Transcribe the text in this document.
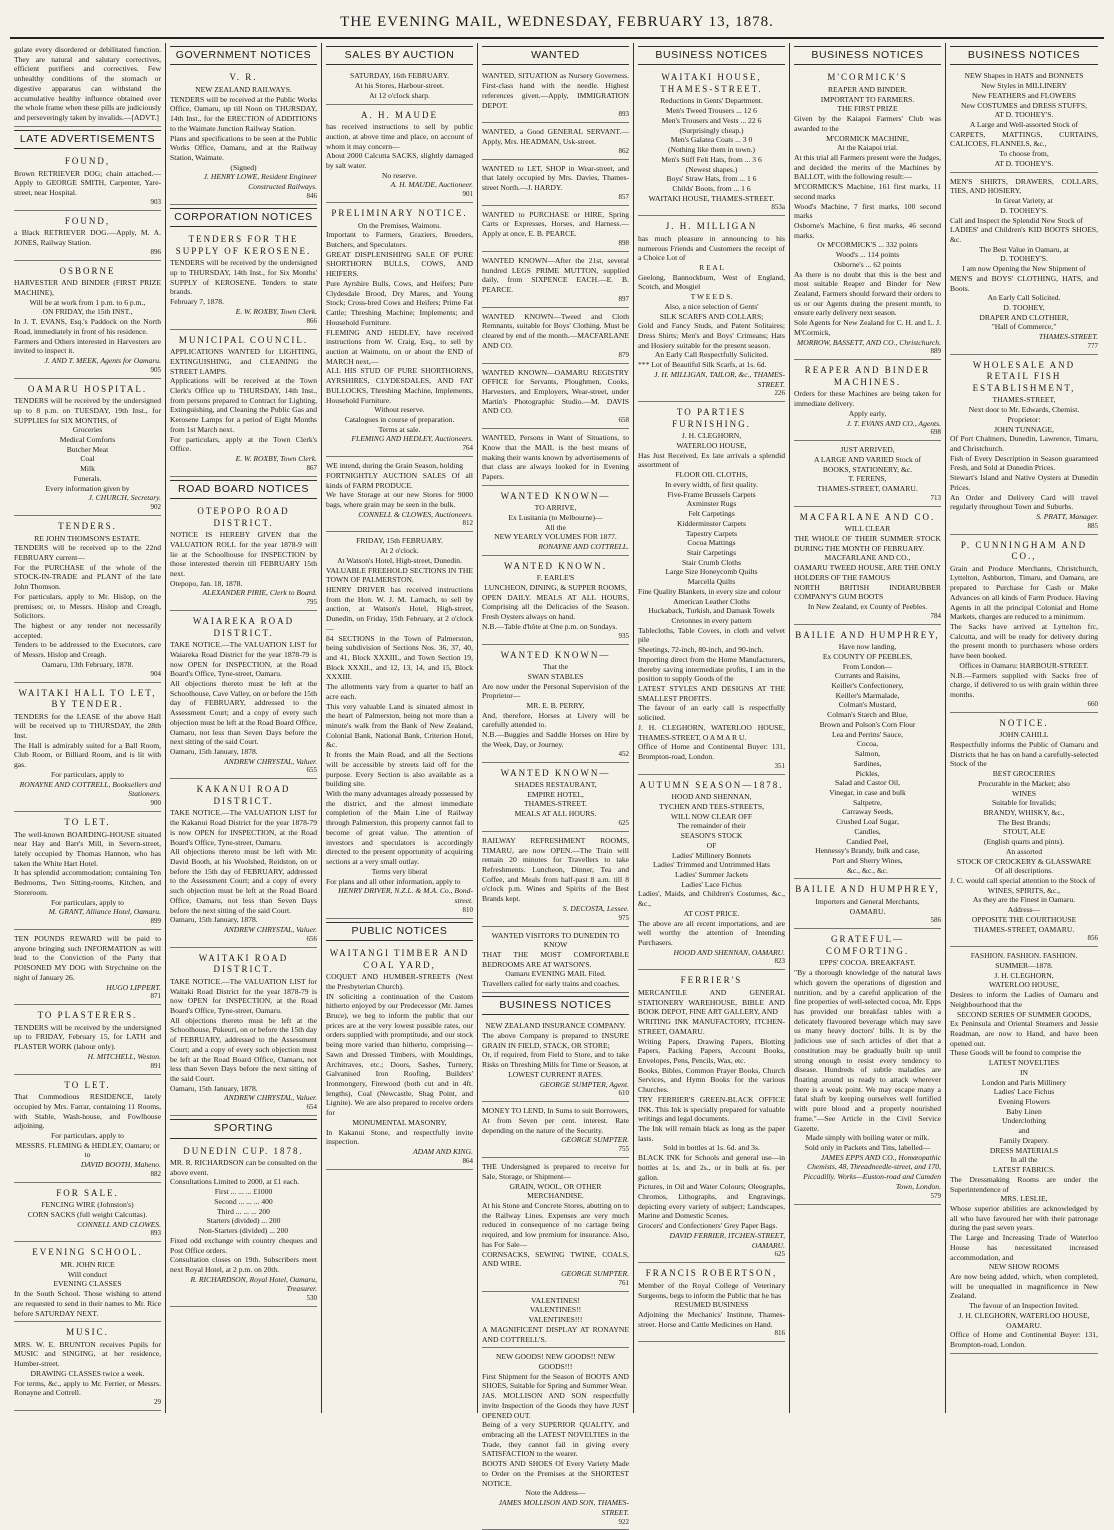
THE EVENING MAIL, WEDNESDAY, FEBRUARY 13, 1878.
gulate every disordered or debilitated function. They are natural and salutary correctives, efficient purifiers and correctives. Few unhealthy conditions of the stomach or digestive apparatus can withstand the accumulative healthy influence obtained over the whole frame when these pills are judiciously and perseveringly taken by invalids.—[ADVT.]
LATE ADVERTISEMENTS
FOUND,
Brown RETRIEVER DOG; chain attached.—Apply to GEORGE SMITH, Carpenter, Yare-street, near Hospital.
903
FOUND,
a Black RETRIEVER DOG.—Apply, M. A. JONES, Railway Station.
896
OSBORNE
HARVESTER AND BINDER (FIRST PRIZE MACHINE),
Will be at work from 1 p.m. to 6 p.m.,
ON FRIDAY, the 15th INST.,
In J. T. EVANS, Esq.'s Paddock on the North Road, immediately in front of his residence.
Farmers and Others interested in Harvesters are invited to inspect it.
J. AND T. MEEK, Agents for Oamaru.
905
OAMARU HOSPITAL.
TENDERS will be received by the undersigned up to 8 p.m. on TUESDAY, 19th Inst., for SUPPLIES for SIX MONTHS, of
Groceries
Medical Comforts
Butcher Meat
Coal
Milk
Funerals.
Every information given by
J. CHURCH, Secretary.
902
TENDERS.
RE JOHN THOMSON'S ESTATE.
TENDERS will be received up to the 22nd FEBRUARY current—
For the PURCHASE of the whole of the STOCK-IN-TRADE and PLANT of the late John Thomson.
For particulars, apply to Mr. Hislop, on the premises; or, to Messrs. Hislop and Creagh, Solicitors.
The highest or any tender not necessarily accepted.
Tenders to be addressed to the Executors, care of Messrs. Hislop and Creagh.
Oamaru, 13th February, 1878.
904
WAITAKI HALL TO LET, BY TENDER.
TENDERS for the LEASE of the above Hall will be received up to THURSDAY, the 28th Inst.
The Hall is admirably suited for a Ball Room, Club Room, or Billiard Room, and is lit with gas.
For particulars, apply to
RONAYNE AND COTTRELL, Booksellers and Stationers.
900
TO LET.
The well-known BOARDING-HOUSE situated near Hay and Barr's Mill, in Severn-street, lately occupied by Thomas Hannon, who has taken the White Hart Hotel.
It has splendid accommodation; containing Ten Bedrooms, Two Sitting-rooms, Kitchen, and Storeroom.
For particulars, apply to
M. GRANT, Alliance Hotel, Oamaru.
899
TEN POUNDS REWARD will be paid to anyone bringing such INFORMATION as will lead to the Conviction of the Party that POISONED MY DOG with Strychnine on the night of January 26.
HUGO LIPPERT.
871
TO PLASTERERS.
TENDERS will be received by the undersigned up to FRIDAY, February 15, for LATH and PLASTER WORK (labour only).
H. MITCHELL, Weston.
891
TO LET.
That Commodious RESIDENCE, lately occupied by Mrs. Farrar, containing 11 Rooms, with Stable, Wash-house, and Fowlhouse adjoining.
For particulars, apply to
MESSRS. FLEMING & HEDLEY, Oamaru; or to
DAVID BOOTH, Maheno.
882
FOR SALE.
FENCING WIRE (Johnston's)
CORN SACKS (full weight Calcuttas).
CONNELL AND CLOWES.
893
EVENING SCHOOL.
MR. JOHN RICE
Will conduct
EVENING CLASSES
In the South School. Those wishing to attend are requested to send in their names to Mr. Rice before SATURDAY NEXT.
MUSIC.
MRS. W. E. BRUNTON receives Pupils for MUSIC and SINGING, at her residence, Humber-street.
DRAWING CLASSES twice a week.
For terms, &c., apply to Mr. Ferrier, or Messrs. Ronayne and Cottrell.
29
GOVERNMENT NOTICES
V. R.
NEW ZEALAND RAILWAYS.
TENDERS will be received at the Public Works Office, Oamaru, up till Noon on THURSDAY, 14th Inst., for the ERECTION of ADDITIONS to the Waimate Junction Railway Station.
Plans and specifications to be seen at the Public Works Office, Oamaru, and at the Railway Station, Waimate.
(Signed)
J. HENRY LOWE, Resident Engineer Constructed Railways.
846
CORPORATION NOTICES
TENDERS FOR THE SUPPLY OF KEROSENE.
TENDERS will be received by the undersigned up to THURSDAY, 14th Inst., for Six Months' SUPPLY of KEROSENE. Tenders to state brands.
February 7, 1878.
E. W. ROXBY, Town Clerk.
866
MUNICIPAL COUNCIL.
APPLICATIONS WANTED for LIGHTING, EXTINGUISHING, and CLEANING the STREET LAMPS.
Applications will be received at the Town Clerk's Office up to THURSDAY, 14th Inst., from persons prepared to Contract for Lighting, Extinguishing, and Cleaning the Public Gas and Kerosene Lamps for a period of Eight Months from 1st March next.
For particulars, apply at the Town Clerk's Office.
E. W. ROXBY, Town Clerk.
867
ROAD BOARD NOTICES
OTEPOPO ROAD DISTRICT.
NOTICE IS HEREBY GIVEN that the VALUATION ROLL for the year 1878-9 will lie at the Schoolhouse for INSPECTION by those interested therein till FEBRUARY 15th next.
Otepopo, Jan. 18, 1878.
ALEXANDER PIRIE, Clerk to Board.
795
WAIAREKA ROAD DISTRICT.
TAKE NOTICE.—The VALUATION LIST for Waiareka Road District for the year 1878-79 is now OPEN for INSPECTION, at the Road Board's Office, Tyne-street, Oamaru.
All objections thereto must be left at the Schoolhouse, Cave Valley, on or before the 15th day of FEBRUARY, addressed to the Assessment Court; and a copy of every such objection must be left at the Road Board Office, Oamaru, not less than Seven Days before the next sitting of the said Court.
Oamaru, 15th January, 1878.
ANDREW CHRYSTAL, Valuer.
655
KAKANUI ROAD DISTRICT.
TAKE NOTICE.—The VALUATION LIST for the Kakanui Road District for the year 1878-79 is now OPEN for INSPECTION, at the Road Board's Office, Tyne-street, Oamaru.
All objections thereto must be left with Mr. David Booth, at his Woolshed, Reidston, on or before the 15th day of FEBRUARY, addressed to the Assessment Court; and a copy of every such objection must be left at the Road Board Office, Oamaru, not less than Seven Days before the next sitting of the said Court.
Oamaru, 15th January, 1878.
ANDREW CHRYSTAL, Valuer.
656
WAITAKI ROAD DISTRICT.
TAKE NOTICE.—The VALUATION LIST for Waitaki Road District for the year 1878-79 is now OPEN for INSPECTION, at the Road Board's Office, Tyne-street, Oamaru.
All objections thereto must be left at the Schoolhouse, Pukeuri, on or before the 15th day of FEBRUARY, addressed to the Assessment Court; and a copy of every such objection must be left at the Road Board Office, Oamaru, not less than Seven Days before the next sitting of the said Court.
Oamaru, 15th January, 1878.
ANDREW CHRYSTAL, Valuer.
654
SPORTING
DUNEDIN CUP. 1878.
MR. R. RICHARDSON can be consulted on the above event.
Consultations Limited to 2000, at £1 each.
First ... ... ... £1000
Second ... ... ... 400
Third ... ... ... 200
Starters (divided) ... 200
Non-Starters (divided) ... 200
Fixed odd exchange with country cheques and Post Office orders.
Consultation closes on 19th. Subscribers meet next Royal Hotel, at 2 p.m. on 20th.
R. RICHARDSON, Royal Hotel, Oamaru, Treasurer.
530
SALES BY AUCTION
SATURDAY, 16th FEBRUARY.
At his Stores, Harbour-street.
At 12 o'clock sharp.
A. H. MAUDE
has received instructions to sell by public auction, at above time and place, on account of whom it may concern—
About 2000 Calcutta SACKS, slightly damaged by salt water.
No reserve.
A. H. MAUDE, Auctioneer.
901
PRELIMINARY NOTICE.
On the Premises, Waimotu.
Important to Farmers, Graziers, Breeders, Butchers, and Speculators.
GREAT DISPLENISHING SALE OF PURE SHORTHORN BULLS, COWS, AND HEIFERS.
Pure Ayrshire Bulls, Cows, and Heifers; Pure Clydesdale Brood, Dry Mares, and Young Stock; Cross-bred Cows and Heifers; Prime Fat Cattle; Threshing Machine; Implements; and Household Furniture.
FLEMING AND HEDLEY, have received instructions from W. Craig, Esq., to sell by auction at Waimotu, on or about the END of MARCH next,—
ALL HIS STUD OF PURE SHORTHORNS, AYRSHIRES, CLYDESDALES, AND FAT BULLOCKS, Threshing Machine, Implements, Household Furniture.
Without reserve.
Catalogues in course of preparation.
Terms at sale.
FLEMING AND HEDLEY, Auctioneers.
764
WE intend, during the Grain Season, holding
FORTNIGHTLY AUCTION SALES Of all kinds of FARM PRODUCE.
We have Storage at our new Stores for 9000 bags, where grain may be seen in the bulk.
CONNELL & CLOWES, Auctioneers.
812
FRIDAY, 15th FEBRUARY.
At 2 o'clock.
At Watson's Hotel, High-street, Dunedin.
VALUABLE FREEHOLD SECTIONS IN THE TOWN OF PALMERSTON.
HENRY DRIVER has received instructions from the Hon. W. J. M. Larnach, to sell by auction, at Watson's Hotel, High-street, Dunedin, on Friday, 15th February, at 2 o'clock—
84 SECTIONS in the Town of Palmerston, being subdivision of Sections Nos. 36, 37, 40, and 41, Block XXXIII., and Town Section 19, Block XXXII., and 12, 13, 14, and 15, Block XXXIII.
The allotments vary from a quarter to half an acre each.
This very valuable Land is situated almost in the heart of Palmerston, being not more than a minute's walk from the Bank of New Zealand, Colonial Bank, National Bank, Criterion Hotel, &c.
It fronts the Main Road, and all the Sections will be accessible by streets laid off for the purpose. Every Section is also available as a building site.
With the many advantages already possessed by the district, and the almost immediate completion of the Main Line of Railway through Palmerston, this property cannot fail to become of great value. The attention of investors and speculators is accordingly directed to the present opportunity of acquiring sections at a very small outlay.
Terms very liberal
For plans and all other information, apply to
HENRY DRIVER, N.Z.L. & M.A. Co., Bond-street.
810
PUBLIC NOTICES
WAITANGI TIMBER AND COAL YARD,
COQUET AND HUMBER-STREETS (Next the Presbyterian Church).
IN soliciting a continuation of the Custom hitherto enjoyed by our Predecessor (Mr. James Bruce), we beg to inform the public that our prices are at the very lowest possible rates, our orders supplied with promptitude, and our stock being more varied than hitherto, comprising—Sawn and Dressed Timbers, with Mouldings, Architraves, etc.; Doors, Sashes, Turnery, Galvanised Iron Roofing, Builders' Ironmongery, Firewood (both cut and in 4ft. lengths), Coal (Newcastle, Shag Point, and Lignite). We are also prepared to receive orders for
MONUMENTAL MASONRY,
In Kakanui Stone, and respectfully invite inspection.
ADAM AND KING.
864
WANTED
WANTED, SITUATION as Nursery Governess. First-class hand with the needle. Highest references given.—Apply, IMMIGRATION DEPOT.
893
WANTED, a Good GENERAL SERVANT.—Apply, Mrs. HEADMAN, Usk-street.
862
WANTED to LET, SHOP in Wear-street, and that lately occupied by Mrs. Davies, Thames-street North.—J. HARDY.
857
WANTED to PURCHASE or HIRE, Spring Carts or Expresses, Horses, and Harness.—Apply at once, E. B. PEARCE.
898
WANTED KNOWN—After the 21st, several hundred LEGS PRIME MUTTON, supplied daily, from SIXPENCE EACH.—E. B. PEARCE.
897
WANTED KNOWN—Tweed and Cloth Remnants, suitable for Boys' Clothing. Must be cleared by end of the month.—MACFARLANE AND CO.
879
WANTED KNOWN—OAMARU REGISTRY OFFICE for Servants, Ploughmen, Cooks, Harvesters, and Employers, Wear-street, under Martin's Photographic Studio.—M. DAVIS AND CO.
658
WANTED, Persons in Want of Situations, to Know that the MAIL is the best means of making their wants known by advertisements of that class are always looked for in Evening Papers.
WANTED KNOWN—
TO ARRIVE,
Ex Lusitania (to Melbourne)—
All the
NEW YEARLY VOLUMES FOR 1877.
RONAYNE AND COTTRELL.
WANTED KNOWN.
F. EARLE'S
LUNCHEON, DINING, & SUPPER ROOMS,
OPEN DAILY. MEALS AT ALL HOURS, Comprising all the Delicacies of the Season. Fresh Oysters always on hand.
N.B.—Table d'hôte at One p.m. on Sundays.
935
WANTED KNOWN—
That the
SWAN STABLES
Are now under the Personal Supervision of the Proprietor—
MR. E. B. PERRY,
And, therefore, Horses at Livery will be carefully attended to.
N.B.—Buggies and Saddle Horses on Hire by the Week, Day, or Journey.
452
WANTED KNOWN—
SHADES RESTAURANT,
EMPIRE HOTEL,
THAMES-STREET.
MEALS AT ALL HOURS.
625
RAILWAY REFRESHMENT ROOMS, TIMARU, are now OPEN.—The Train will remain 20 minutes for Travellers to take Refreshments. Luncheon, Dinner, Tea and Coffee, and Meals from half-past 8 a.m. till 8 o'clock p.m. Wines and Spirits of the Best Brands kept.
S. DECOSTA, Lessee.
975
WANTED VISITORS TO DUNEDIN TO KNOW
THAT THE MOST COMFORTABLE BEDROOMS ARE AT WATSON'S.
Oamaru EVENING MAIL Filed.
Travellers called for early trains and coaches.
BUSINESS NOTICES
NEW ZEALAND INSURANCE COMPANY.
The above Company is prepared to INSURE GRAIN IN FIELD, STACK, OR STORE;
Or, if required, from Field to Store, and to take Risks on Threshing Mills for Time or Season, at
LOWEST CURRENT RATES.
GEORGE SUMPTER, Agent.
610
MONEY TO LEND, In Sums to suit Borrowers,
At from Seven per cent. interest. Rate depending on the nature of the Security.
GEORGE SUMPTER.
755
THE Undersigned is prepared to receive for Sale, Storage, or Shipment—
GRAIN, WOOL, OR OTHER MERCHANDISE.
At his Stone and Concrete Stores, abutting on to the Railway Lines. Expenses are very much reduced in consequence of no cartage being required, and low premium for insurance. Also, has For Sale—
CORNSACKS, SEWING TWINE, COALS, AND WIRE.
GEORGE SUMPTER.
761
VALENTINES!
VALENTINES!!
VALENTINES!!!
A MAGNIFICENT DISPLAY AT RONAYNE AND COTTRELL'S.
NEW GOODS! NEW GOODS!! NEW GOODS!!!
First Shipment for the Season of BOOTS AND SHOES, Suitable for Spring and Summer Wear.
JAS. MOLLISON AND SON respectfully invite Inspection of the Goods they have JUST OPENED OUT.
Being of a very SUPERIOR QUALITY, and embracing all the LATEST NOVELTIES in the Trade, they cannot fail in giving every SATISFACTION to the wearer.
BOOTS AND SHOES Of Every Variety Made to Order on the Premises at the SHORTEST NOTICE.
Note the Address—
JAMES MOLLISON AND SON, THAMES-STREET.
922
BUSINESS NOTICES
WAITAKI HOUSE, THAMES-STREET.
Reductions in Gents' Department.
Men's Tweed Trousers ... 12 6
Men's Trousers and Vests ... 22 6
(Surprisingly cheap.)
Men's Galatea Coats ... 3 0
(Nothing like them in town.)
Men's Stiff Felt Hats, from ... 3 6
(Newest shapes.)
Boys' Straw Hats, from ... 1 6
Childs' Boots, from ... 1 6
WAITAKI HOUSE, THAMES-STREET.
853a
J. H. MILLIGAN
has much pleasure in announcing to his numerous Friends and Customers the receipt of a Choice Lot of
R E A L
Geelong, Bannockburn, West of England, Scotch, and Mosgiel
T W E E D S.
Also, a nice selection of Gents'
SILK SCARFS AND COLLARS;
Gold and Fancy Studs, and Patent Solitaires; Dress Shirts; Men's and Boys' Crimeans; Hats and Hosiery suitable for the present season.
An Early Call Respectfully Solicited.
*** Lot of Beautiful Silk Scarfs, at 1s. 6d.
J. H. MILLIGAN, TAILOR, &c., THAMES-STREET.
226
TO PARTIES FURNISHING.
J. H. CLEGHORN,
WATERLOO HOUSE,
Has Just Received, Ex late arrivals a splendid assortment of
FLOOR OIL CLOTHS,
In every width, of first quality.
Five-Frame Brussels Carpets
Axminster Rugs
Felt Carpetings
Kidderminster Carpets
Tapestry Carpets
Cocoa Mattings
Stair Carpetings
Stair Crumb Cloths
Large Size Honeycomb Quilts
Marcella Quilts
Fine Quality Blankets, in every size and colour
American Leather Cloths
Huckaback, Turkish, and Damask Towels
Cretonnes in every pattern
Tablecloths, Table Covers, in cloth and velvet pile
Sheetings, 72-inch, 80-inch, and 90-inch.
Importing direct from the Home Manufacturers, thereby saving intermediate profits, I am in the position to supply Goods of the
LATEST STYLES AND DESIGNS AT THE SMALLEST PROFITS.
The favour of an early call is respectfully solicited.
J. H. CLEGHORN, WATERLOO HOUSE, THAMES-STREET, O A M A R U.
Office of Home and Continental Buyer: 131, Brompton-road, London.
351
AUTUMN SEASON—1878.
HOOD AND SHENNAN,
TYCHEN AND TEES-STREETS,
WILL NOW CLEAR OFF
The remainder of their
SEASON'S STOCK
OF
Ladies' Millinery Bonnets
Ladies' Trimmed and Untrimmed Hats
Ladies' Summer Jackets
Ladies' Lace Fichus
Ladies', Maids, and Children's Costumes, &c., &c.,
AT COST PRICE.
The above are all recent importations, and are well worthy the attention of Intending Purchasers.
HOOD AND SHENNAN, OAMARU.
823
FERRIER'S
MERCANTILE AND GENERAL STATIONERY WAREHOUSE, BIBLE AND BOOK DEPOT, FINE ART GALLERY, AND
WRITING INK MANUFACTORY, ITCHEN-STREET, OAMARU.
Writing Papers, Drawing Papers, Blotting Papers, Packing Papers, Account Books, Envelopes, Pens, Pencils, Wax, etc.
Books, Bibles, Common Prayer Books, Church Services, and Hymn Books for the various Churches.
TRY FERRIER'S GREEN-BLACK OFFICE INK. This Ink is specially prepared for valuable writings and legal documents.
The Ink will remain black as long as the paper lasts.
Sold in bottles at 1s. 6d. and 3s.
BLACK INK for Schools and general use—in bottles at 1s. and 2s., or in bulk at 6s. per gallon.
Pictures, in Oil and Water Colours; Oleographs, Chromos, Lithographs, and Engravings, depicting every variety of subject; Landscapes, Marine and Domestic Scenes.
Grocers' and Confectioners' Grey Paper Bags.
DAVID FERRIER, ITCHEN-STREET, OAMARU.
625
FRANCIS ROBERTSON,
Member of the Royal College of Veterinary Surgeons, begs to inform the Public that he has
RESUMED BUSINESS
Adjoining the Mechanics' Institute, Thames-street. Horse and Cattle Medicines on Hand.
816
BUSINESS NOTICES
M'CORMICK'S
REAPER AND BINDER.
IMPORTANT TO FARMERS.
THE FIRST PRIZE
Given by the Kaiapoi Farmers' Club was awarded to the
M'CORMICK MACHINE,
At the Kaiapoi trial.
At this trial all Farmers present were the Judges, and decided the merits of the Machines by BALLOT, with the following result:—
M'CORMICK'S Machine, 161 first marks, 11 second marks
Wood's Machine, 7 first marks, 100 second marks
Osborne's Machine, 6 first marks, 46 second marks.
Or M'CORMICK'S ... 332 points
Wood's ... 114 points
Osborne's ... 62 points
As there is no doubt that this is the best and most suitable Reaper and Binder for New Zealand, Farmers should forward their orders to us or our Agents during the present month, to ensure early delivery next season.
Sole Agents for New Zealand for C. H. and L. J. M'Cormick,
MORROW, BASSETT, AND CO., Christchurch.
889
REAPER AND BINDER MACHINES.
Orders for these Machines are being taken for immediate delivery.
Apply early,
J. T. EVANS AND CO., Agents.
698
JUST ARRIVED,
A LARGE AND VARIED Stock of
BOOKS, STATIONERY, &c.
T. FERENS,
THAMES-STREET, OAMARU.
713
MACFARLANE AND CO.
WILL CLEAR
THE WHOLE OF THEIR SUMMER STOCK DURING THE MONTH OF FEBRUARY.
MACFARLANE AND CO.,
OAMARU TWEED HOUSE, ARE THE ONLY HOLDERS OF THE FAMOUS
NORTH BRITISH INDIARUBBER COMPANY'S GUM BOOTS
In New Zealand, ex County of Peebles.
784
BAILIE AND HUMPHREY,
Have now landing,
Ex COUNTY OF PEEBLES,
From London—
Currants and Raisins,
Keiller's Confectionery,
Keiller's Marmalade,
Colman's Mustard,
Colman's Starch and Blue,
Brown and Polson's Corn Flour
Lea and Perrins' Sauce,
Cocoa,
Salmon,
Sardines,
Pickles,
Salad and Castor Oil,
Vinegar, in case and bulk
Saltpetre,
Carraway Seeds,
Crushed Loaf Sugar,
Candles,
Candied Peel,
Hennessy's Brandy, bulk and case,
Port and Sherry Wines,
&c., &c., &c.
BAILIE AND HUMPHREY,
Importers and General Merchants,
OAMARU.
586
GRATEFUL—COMFORTING.
EPPS' COCOA. BREAKFAST.
"By a thorough knowledge of the natural laws which govern the operations of digestion and nutrition, and by a careful application of the fine properties of well-selected cocoa, Mr. Epps has provided our breakfast tables with a delicately flavoured beverage which may save us many heavy doctors' bills. It is by the judicious use of such articles of diet that a constitution may be gradually built up until strong enough to resist every tendency to disease. Hundreds of subtle maladies are floating around us ready to attack wherever there is a weak point. We may escape many a fatal shaft by keeping ourselves well fortified with pure blood and a properly nourished frame."—See Article in the Civil Service Gazette.
Made simply with boiling water or milk.
Sold only in Packets and Tins, labelled—
JAMES EPPS AND CO., Homœopathic Chemists, 48, Threadneedle-street, and 170, Piccadilly. Works—Euston-road and Camden Town, London.
579
BUSINESS NOTICES
NEW Shapes in HATS and BONNETS
New Styles in MILLINERY
New FEATHERS and FLOWERS
New COSTUMES and DRESS STUFFS,
AT D. TOOHEY'S.
A Large and Well-assorted Stock of
CARPETS, MATTINGS, CURTAINS, CALICOES, FLANNELS, &c.,
To choose from,
AT D. TOOHEY'S.
MEN'S SHIRTS, DRAWERS, COLLARS, TIES, AND HOSIERY,
In Great Variety, at
D. TOOHEY'S.
Call and Inspect the Splendid New Stock of
LADIES' and Children's KID BOOTS SHOES, &c.
The Best Value in Oamaru, at
D. TOOHEY'S.
I am now Opening the New Shipment of
MEN'S and BOYS' CLOTHING, HATS, and Boots.
An Early Call Solicited.
D. TOOHEY,
DRAPER AND CLOTHIER,
"Hall of Commerce,"
THAMES-STREET.
777
WHOLESALE AND RETAIL FISH ESTABLISHMENT,
THAMES-STREET,
Next door to Mr. Edwards, Chemist.
Proprietor:
JOHN TUNNAGE,
Of Port Chalmers, Dunedin, Lawrence, Timaru, and Christchurch.
Fish of Every Description in Season guaranteed Fresh, and Sold at Dunedin Prices.
Stewart's Island and Native Oysters at Dunedin Prices.
An Order and Delivery Card will travel regularly throughout Town and Suburbs.
S. PRATT, Manager.
885
P. CUNNINGHAM AND CO.,
Grain and Produce Merchants, Christchurch, Lyttelton, Ashburton, Timaru, and Oamaru, are prepared to Purchase for Cash or Make Advances on all kinds of Farm Produce. Having Agents in all the principal Colonial and Home Markets, charges are reduced to a minimum.
The Sacks have arrived at Lyttelton frc, Calcutta, and will be ready for delivery during the present month to purchasers whose orders have been booked.
Offices in Oamaru: HARBOUR-STREET.
N.B.—Farmers supplied with Sacks free of charge, if delivered to us with grain within three months.
660
NOTICE.
JOHN CAHILL
Respectfully informs the Public of Oamaru and Districts that he has on hand a carefully-selected Stock of the
BEST GROCERIES
Procurable in the Market; also
WINES
Suitable for Invalids;
BRANDY, WHISKY, &c.,
The Best Brands;
STOUT, ALE
(English quarts and pints).
An assorted
STOCK OF CROCKERY & GLASSWARE
Of all descriptions.
J. C. would call special attention to the Stock of
WINES, SPIRITS, &c.,
As they are the Finest in Oamaru.
Address—
OPPOSITE THE COURTHOUSE
THAMES-STREET, OAMARU.
856
FASHION. FASHION. FASHION.
SUMMER—1878.
J. H. CLEGHORN,
WATERLOO HOUSE,
Desires to inform the Ladies of Oamaru and Neighbourhood that the
SECOND SERIES OF SUMMER GOODS,
Ex Peninsula and Oriental Steamers and Jessie Readman, are now to Hand, and have been opened out.
These Goods will be found to comprise the
LATEST NOVELTIES
IN
London and Paris Millinery
Ladies' Lace Fichus
Evening Flowers
Baby Linen
Underclothing
and
Family Drapery.
DRESS MATERIALS
In all the
LATEST FABRICS.
The Dressmaking Rooms are under the Superintendence of
MRS. LESLIE,
Whose superior abilities are acknowledged by all who have favoured her with their patronage during the past seven years.
The Large and Increasing Trade of Waterloo House has necessitated increased accommodation, and
NEW SHOW ROOMS
Are now being added, which, when completed, will be unequalled in magnificence in New Zealand.
The favour of an Inspection Invited.
J. H. CLEGHORN, WATERLOO HOUSE, OAMARU.
Office of Home and Continental Buyer: 131, Brompton-road, London.
